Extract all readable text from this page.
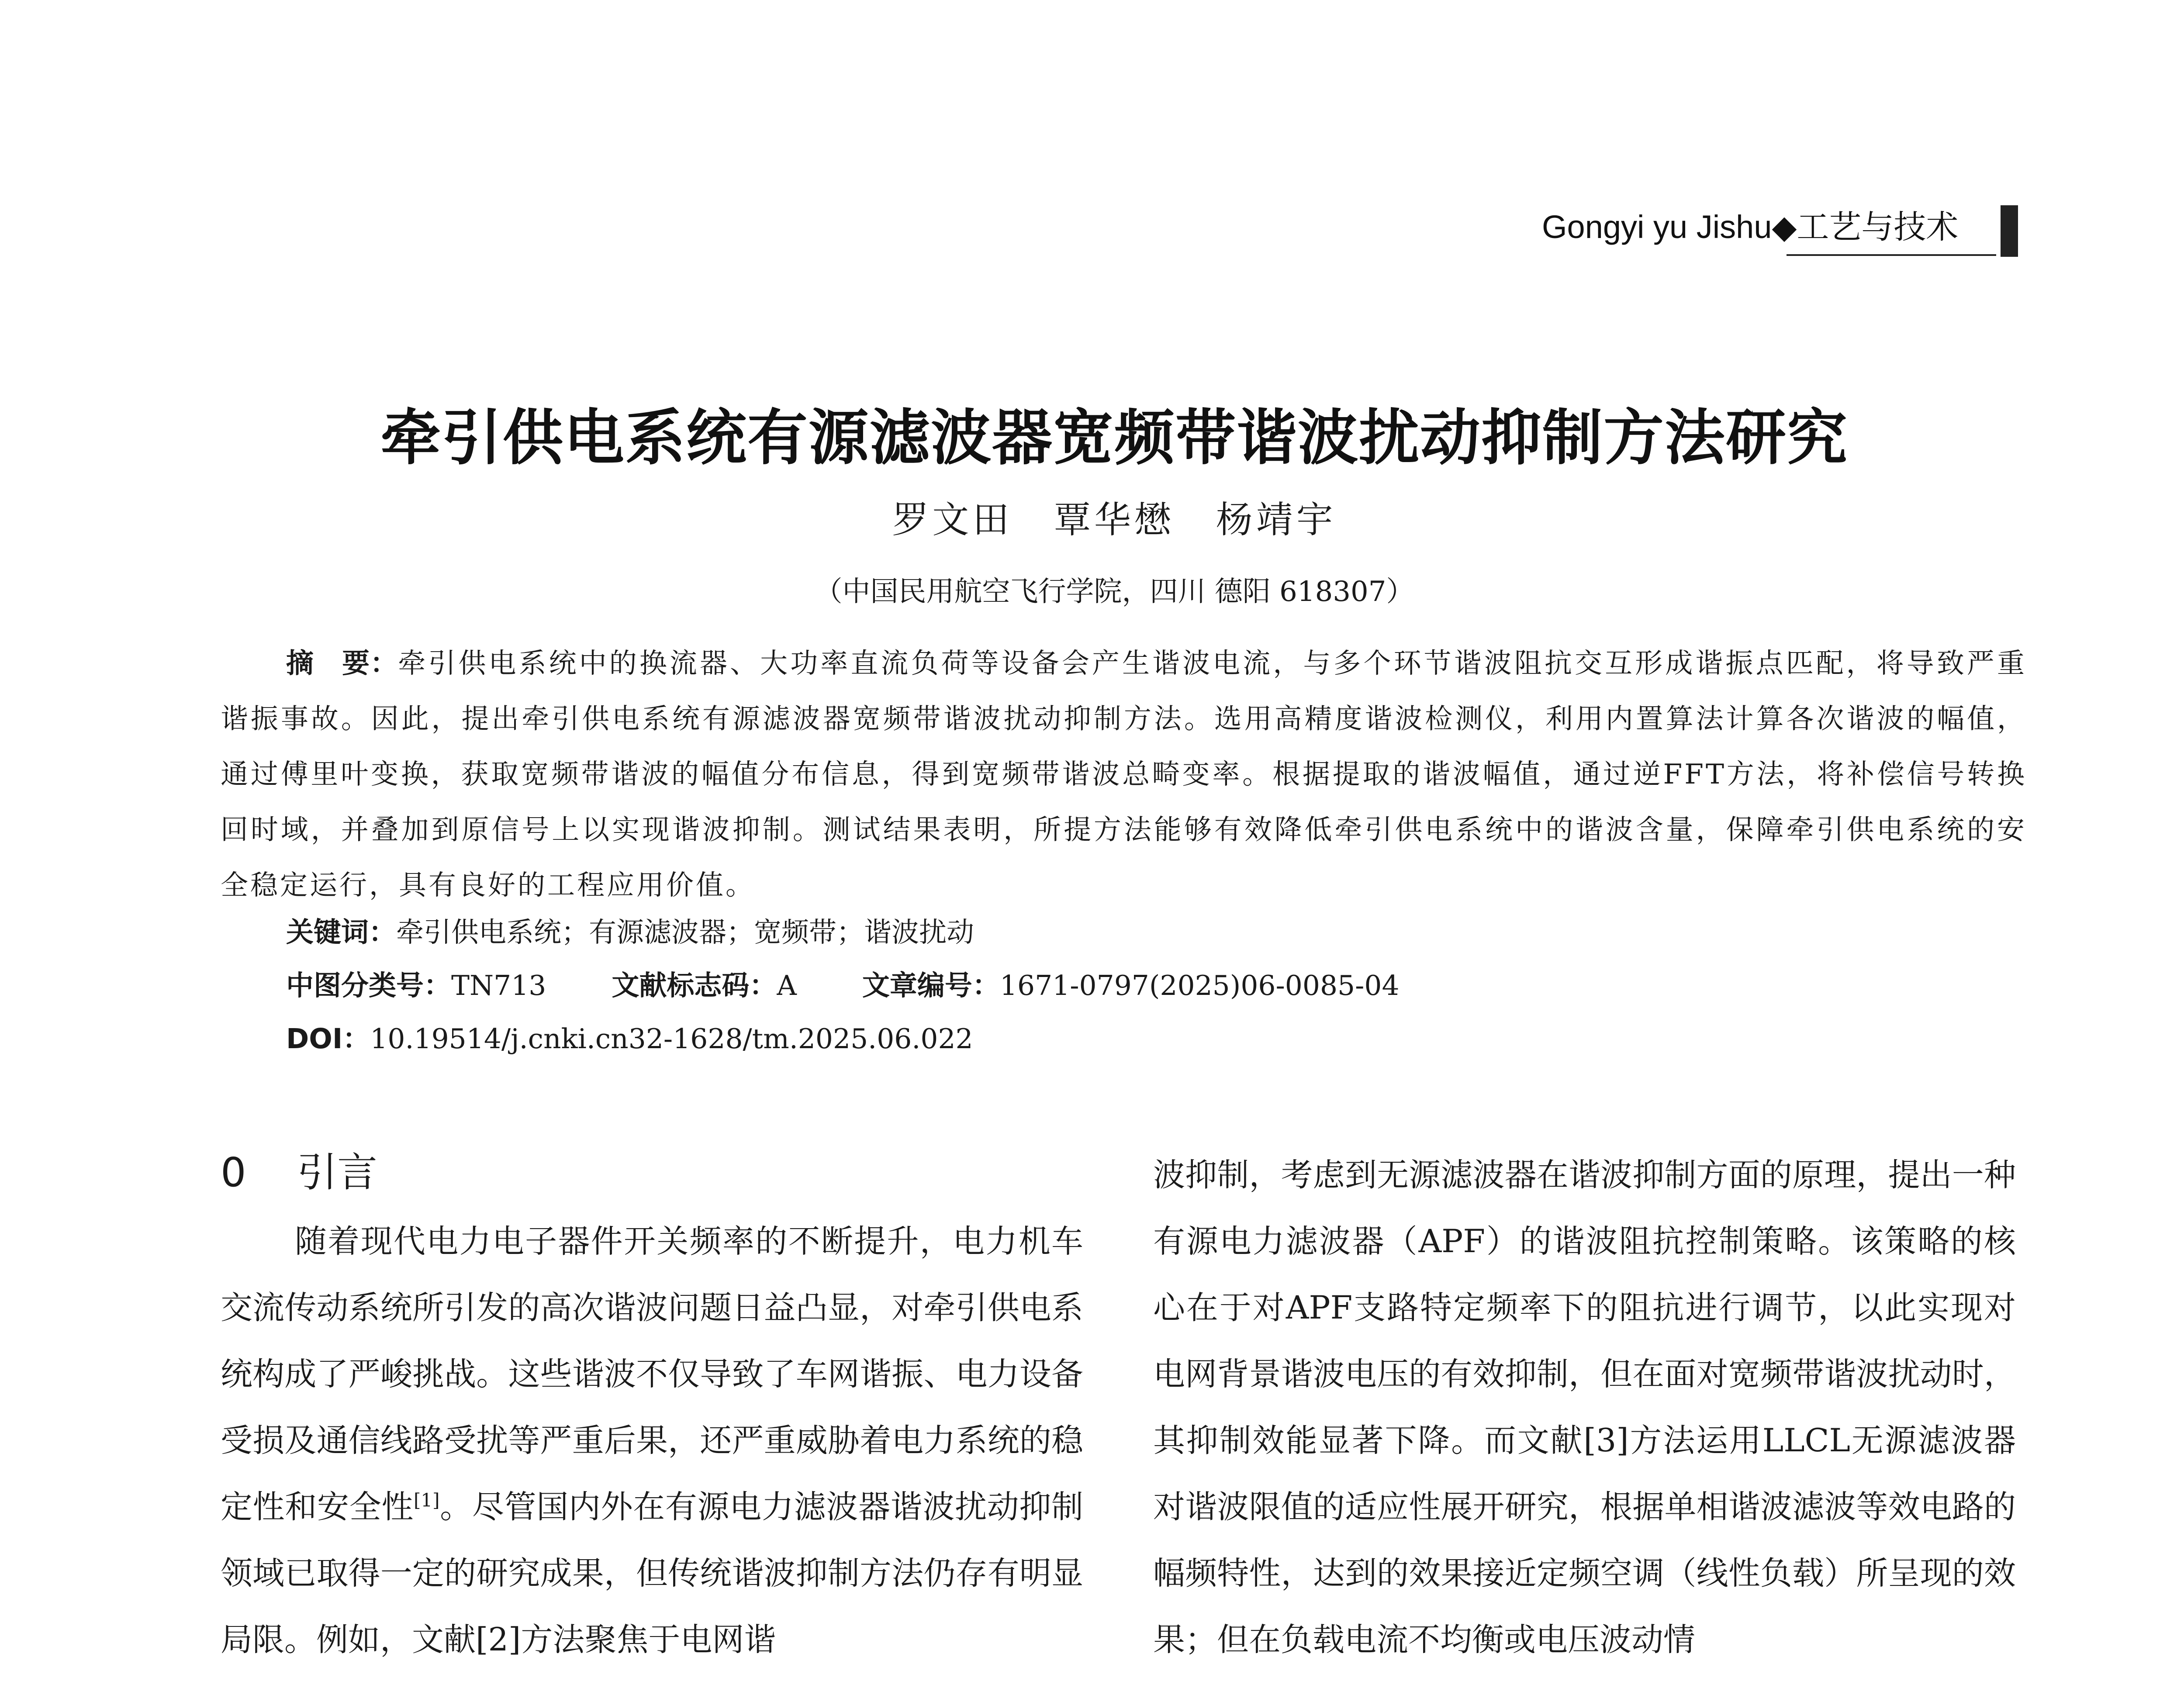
Gongyi yu Jishu◆工艺与技术
牵引供电系统有源滤波器宽频带谐波扰动抑制方法研究
罗文田 覃华懋 杨靖宇
（中国民用航空飞行学院，四川 德阳 618307）
摘　要：牵引供电系统中的换流器、大功率直流负荷等设备会产生谐波电流，与多个环节谐波阻抗交互形成谐振点匹配，将导致严重谐振事故。因此，提出牵引供电系统有源滤波器宽频带谐波扰动抑制方法。选用高精度谐波检测仪，利用内置算法计算各次谐波的幅值，通过傅里叶变换，获取宽频带谐波的幅值分布信息，得到宽频带谐波总畸变率。根据提取的谐波幅值，通过逆FFT方法，将补偿信号转换回时域，并叠加到原信号上以实现谐波抑制。测试结果表明，所提方法能够有效降低牵引供电系统中的谐波含量，保障牵引供电系统的安全稳定运行，具有良好的工程应用价值。
关键词：牵引供电系统；有源滤波器；宽频带；谐波扰动
中图分类号：TN713 文献标志码：A 文章编号：1671-0797(2025)06-0085-04
DOI：10.19514/j.cnki.cn32-1628/tm.2025.06.022
0 引言

随着现代电力电子器件开关频率的不断提升，电力机车交流传动系统所引发的高次谐波问题日益凸显，对牵引供电系统构成了严峻挑战。这些谐波不仅导致了车网谐振、电力设备受损及通信线路受扰等严重后果，还严重威胁着电力系统的稳定性和安全性[1]。尽管国内外在有源电力滤波器谐波扰动抑制领域已取得一定的研究成果，但传统谐波抑制方法仍存有明显局限。例如，文献[2]方法聚焦于电网谐

波抑制，考虑到无源滤波器在谐波抑制方面的原理，提出一种有源电力滤波器（APF）的谐波阻抗控制策略。该策略的核心在于对APF支路特定频率下的阻抗进行调节，以此实现对电网背景谐波电压的有效抑制，但在面对宽频带谐波扰动时，其抑制效能显著下降。而文献[3]方法运用LLCL无源滤波器对谐波限值的适应性展开研究，根据单相谐波滤波等效电路的幅频特性，达到的效果接近定频空调（线性负载）所呈现的效果；但在负载电流不均衡或电压波动情
